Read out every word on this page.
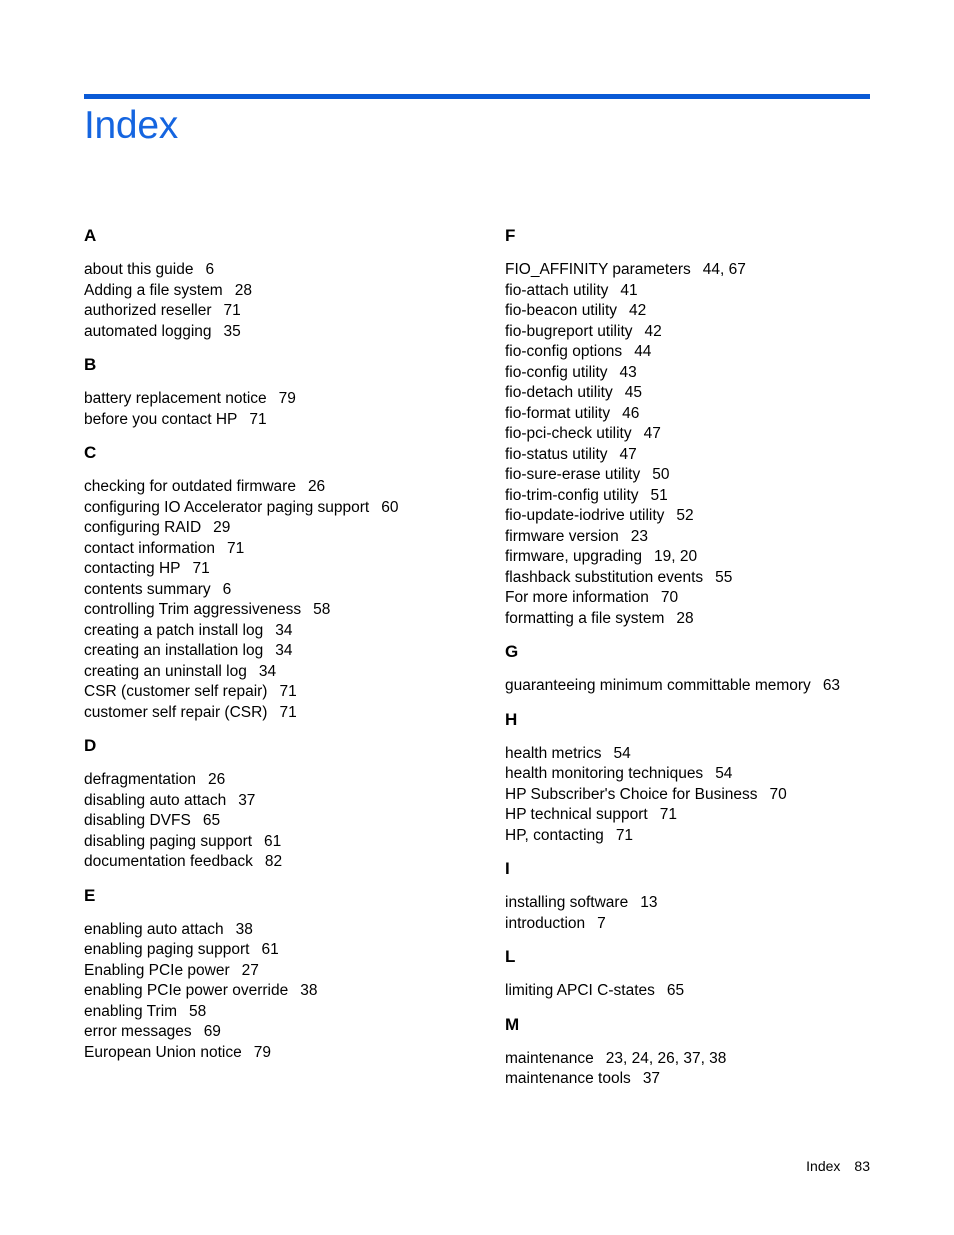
Index
A
about this guide 6
Adding a file system 28
authorized reseller 71
automated logging 35
B
battery replacement notice 79
before you contact HP 71
C
checking for outdated firmware 26
configuring IO Accelerator paging support 60
configuring RAID 29
contact information 71
contacting HP 71
contents summary 6
controlling Trim aggressiveness 58
creating a patch install log 34
creating an installation log 34
creating an uninstall log 34
CSR (customer self repair) 71
customer self repair (CSR) 71
D
defragmentation 26
disabling auto attach 37
disabling DVFS 65
disabling paging support 61
documentation feedback 82
E
enabling auto attach 38
enabling paging support 61
Enabling PCIe power 27
enabling PCIe power override 38
enabling Trim 58
error messages 69
European Union notice 79
F
FIO_AFFINITY parameters 44, 67
fio-attach utility 41
fio-beacon utility 42
fio-bugreport utility 42
fio-config options 44
fio-config utility 43
fio-detach utility 45
fio-format utility 46
fio-pci-check utility 47
fio-status utility 47
fio-sure-erase utility 50
fio-trim-config utility 51
fio-update-iodrive utility 52
firmware version 23
firmware, upgrading 19, 20
flashback substitution events 55
For more information 70
formatting a file system 28
G
guaranteeing minimum committable memory 63
H
health metrics 54
health monitoring techniques 54
HP Subscriber's Choice for Business 70
HP technical support 71
HP, contacting 71
I
installing software 13
introduction 7
L
limiting APCI C-states 65
M
maintenance 23, 24, 26, 37, 38
maintenance tools 37
Index 83
